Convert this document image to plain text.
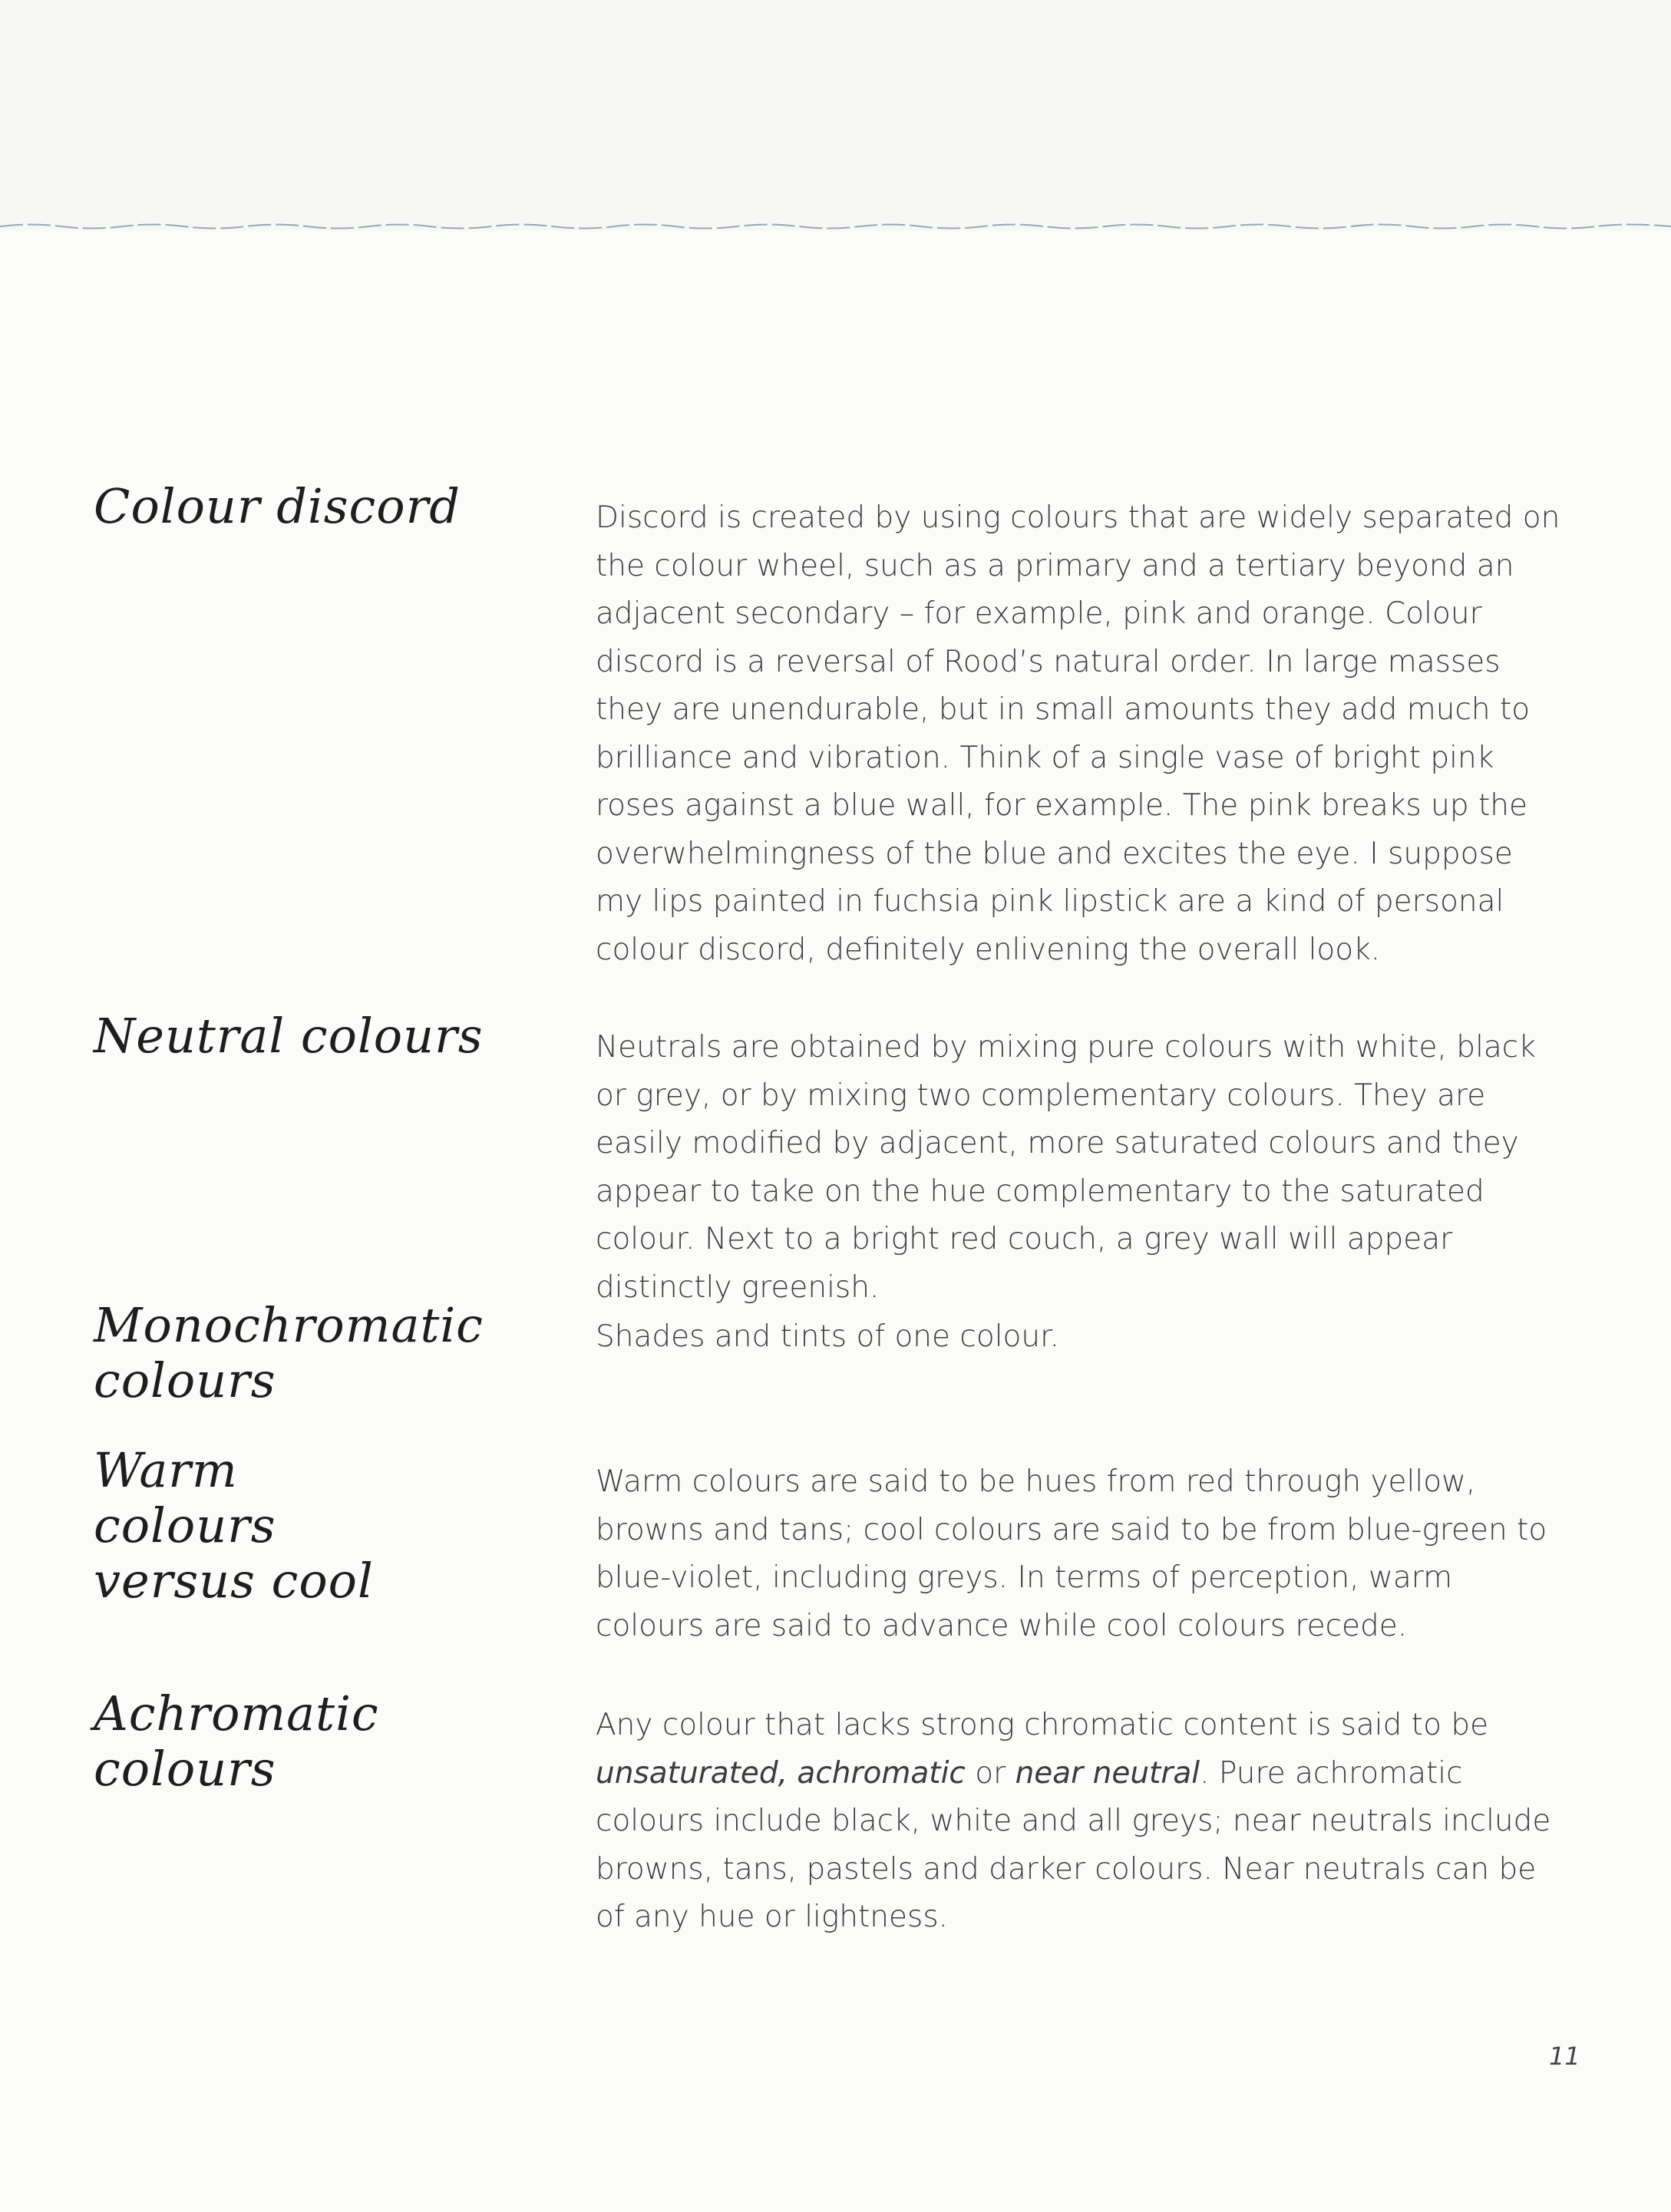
Colour discord	Discord is created by using colours that are widely separated on the colour wheel, such as a primary and a tertiary beyond an adjacent secondary – for example, pink and orange. Colour discord is a reversal of Rood’s natural order. In large masses they are unendurable, but in small amounts they add much to brilliance and vibration. Think of a single vase of bright pink roses against a blue wall, for example. The pink breaks up the overwhelmingness of the blue and excites the eye. I suppose my lips painted in fuchsia pink lipstick are a kind of personal colour discord, definitely enlivening the overall look.
Neutral colours	Neutrals are obtained by mixing pure colours with white, black or grey, or by mixing two complementary colours. They are easily modified by adjacent, more saturated colours and they appear to take on the hue complementary to the saturated colour. Next to a bright red couch, a grey wall will appear distinctly greenish.
Monochromatic colours
Shades and tints of one colour.
Warm colours versus cool
Warm colours are said to be hues from red through yellow, browns and tans; cool colours are said to be from blue-green to blue-violet, including greys. In terms of perception, warm colours are said to advance while cool colours recede.
Achromatic colours
Any colour that lacks strong chromatic content is said to be unsaturated, achromatic or near neutral. Pure achromatic colours include black, white and all greys; near neutrals include browns, tans, pastels and darker colours. Near neutrals can be of any hue or lightness.
11
